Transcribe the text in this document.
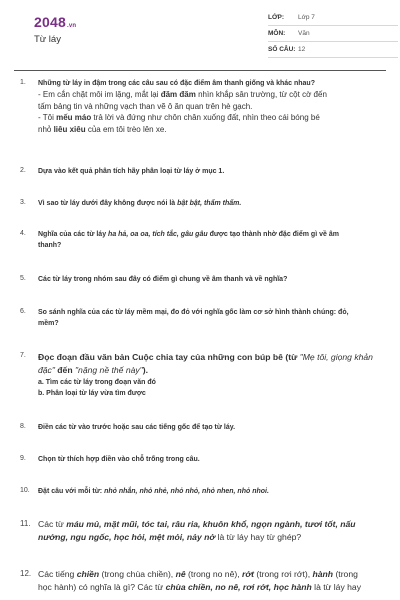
2048.vn
Từ láy
LỚP:	Lớp 7
MÔN:	Văn
SỐ CÂU: 12
1.	Những từ láy in đậm trong các câu sau có đặc điểm âm thanh giống và khác nhau?
- Em cắn chặt môi im lặng, mắt lại đăm đăm nhìn khắp sân trường, từ cột cờ đến
tấm bảng tin và những vạch than vẽ ô ăn quan trên hè gạch.
- Tôi mếu máo trả lời và đứng như chôn chân xuống đất, nhìn theo cái bóng bé
nhỏ liêu xiêu của em tôi trèo lên xe.
2.	Dựa vào kết quả phân tích hãy phân loại từ láy ở mục 1.
3.	Vì sao từ láy dưới đây không được nói là bật bật, thẩm thẩm.
4.	Nghĩa của các từ láy ha hả, oa oa, tích tắc, gâu gâu được tạo thành nhờ đặc điểm gì về âm
thanh?
5.	Các từ láy trong nhóm sau đây có điểm gì chung về âm thanh và về nghĩa?
6.	So sánh nghĩa của các từ láy mềm mại, đo đỏ với nghĩa gốc làm cơ sở hình thành chúng: đỏ,
mềm?
7.	Đọc đoạn đầu văn bản Cuộc chia tay của những con búp bê (từ "Mẹ tôi, giọng khản
đặc" đến "nặng nề thế này").
a. Tìm các từ láy trong đoạn văn đó
b. Phân loại từ láy vừa tìm được
8.	Điền các từ vào trước hoặc sau các tiếng gốc để tạo từ láy.
9.	Chọn từ thích hợp điền vào chỗ trống trong câu.
10.	Đặt câu với mỗi từ: nhỏ nhắn, nhỏ nhẻ, nhỏ nhỏ, nhỏ nhen, nhỏ nhoi.
11. Các từ máu mủ, mặt mũi, tóc tai, râu ria, khuôn khổ, ngọn ngành, tươi tốt, nấu
nướng, ngu ngốc, học hỏi, mệt mỏi, nảy nở là từ láy hay từ ghép?
12. Các tiếng chiền (trong chùa chiền), nê (trong no nê), rớt (trong rơi rớt), hành (trong
học hành) có nghĩa là gì? Các từ chùa chiền, no nê, rơi rớt, học hành là từ láy hay
